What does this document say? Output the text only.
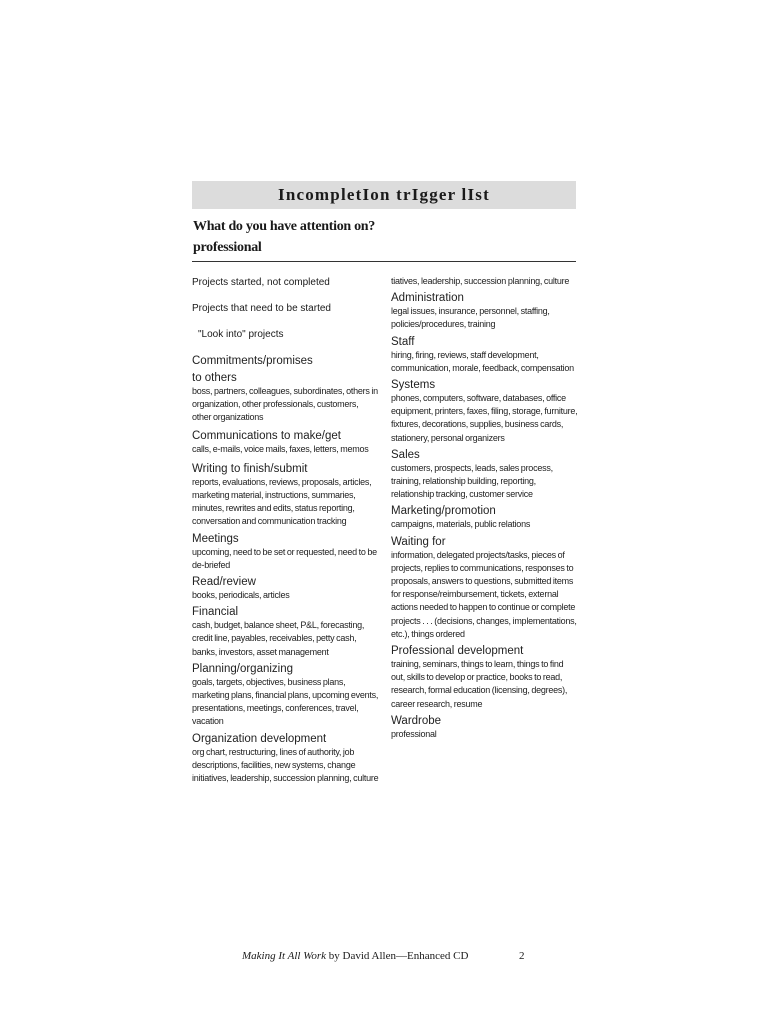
IncompletIon trIgger lIst
What do you have attention on?
professional
Projects started, not completed
Projects that need to be started
"Look into" projects
Commitments/promises
to others
boss, partners, colleagues, subordinates, others in organization, other professionals, customers, other organizations
Communications to make/get
calls, e-mails, voice mails, faxes, letters, memos
Writing to finish/submit
reports, evaluations, reviews, proposals, articles, marketing material, instructions, summaries, minutes, rewrites and edits, status reporting, conversation and communication tracking
Meetings
upcoming, need to be set or requested, need to be de-briefed
Read/review
books, periodicals, articles
Financial
cash, budget, balance sheet, P&L, forecasting, credit line, payables, receivables, petty cash, banks, investors, asset management
Planning/organizing
goals, targets, objectives, business plans, marketing plans, financial plans, upcoming events, presentations, meetings, conferences, travel, vacation
Organization development
org chart, restructuring, lines of authority, job descriptions, facilities, new systems, change initiatives, leadership, succession planning, culture
tiatives, leadership, succession planning, culture
Administration
legal issues, insurance, personnel, staffing, policies/procedures, training
Staff
hiring, firing, reviews, staff development, communication, morale, feedback, compensation
Systems
phones, computers, software, databases, office equipment, printers, faxes, filing, storage, furniture, fixtures, decorations, supplies, business cards, stationery, personal organizers
Sales
customers, prospects, leads, sales process, training, relationship building, reporting, relationship tracking, customer service
Marketing/promotion
campaigns, materials, public relations
Waiting for
information, delegated projects/tasks, pieces of projects, replies to communications, responses to proposals, answers to questions, submitted items for response/reimbursement, tickets, external actions needed to happen to continue or complete projects . . . (decisions, changes, implementations, etc.), things ordered
Professional development
training, seminars, things to learn, things to find out, skills to develop or practice, books to read, research, formal education (licensing, degrees), career research, resume
Wardrobe
professional
Making It All Work by David Allen—Enhanced CD	2
